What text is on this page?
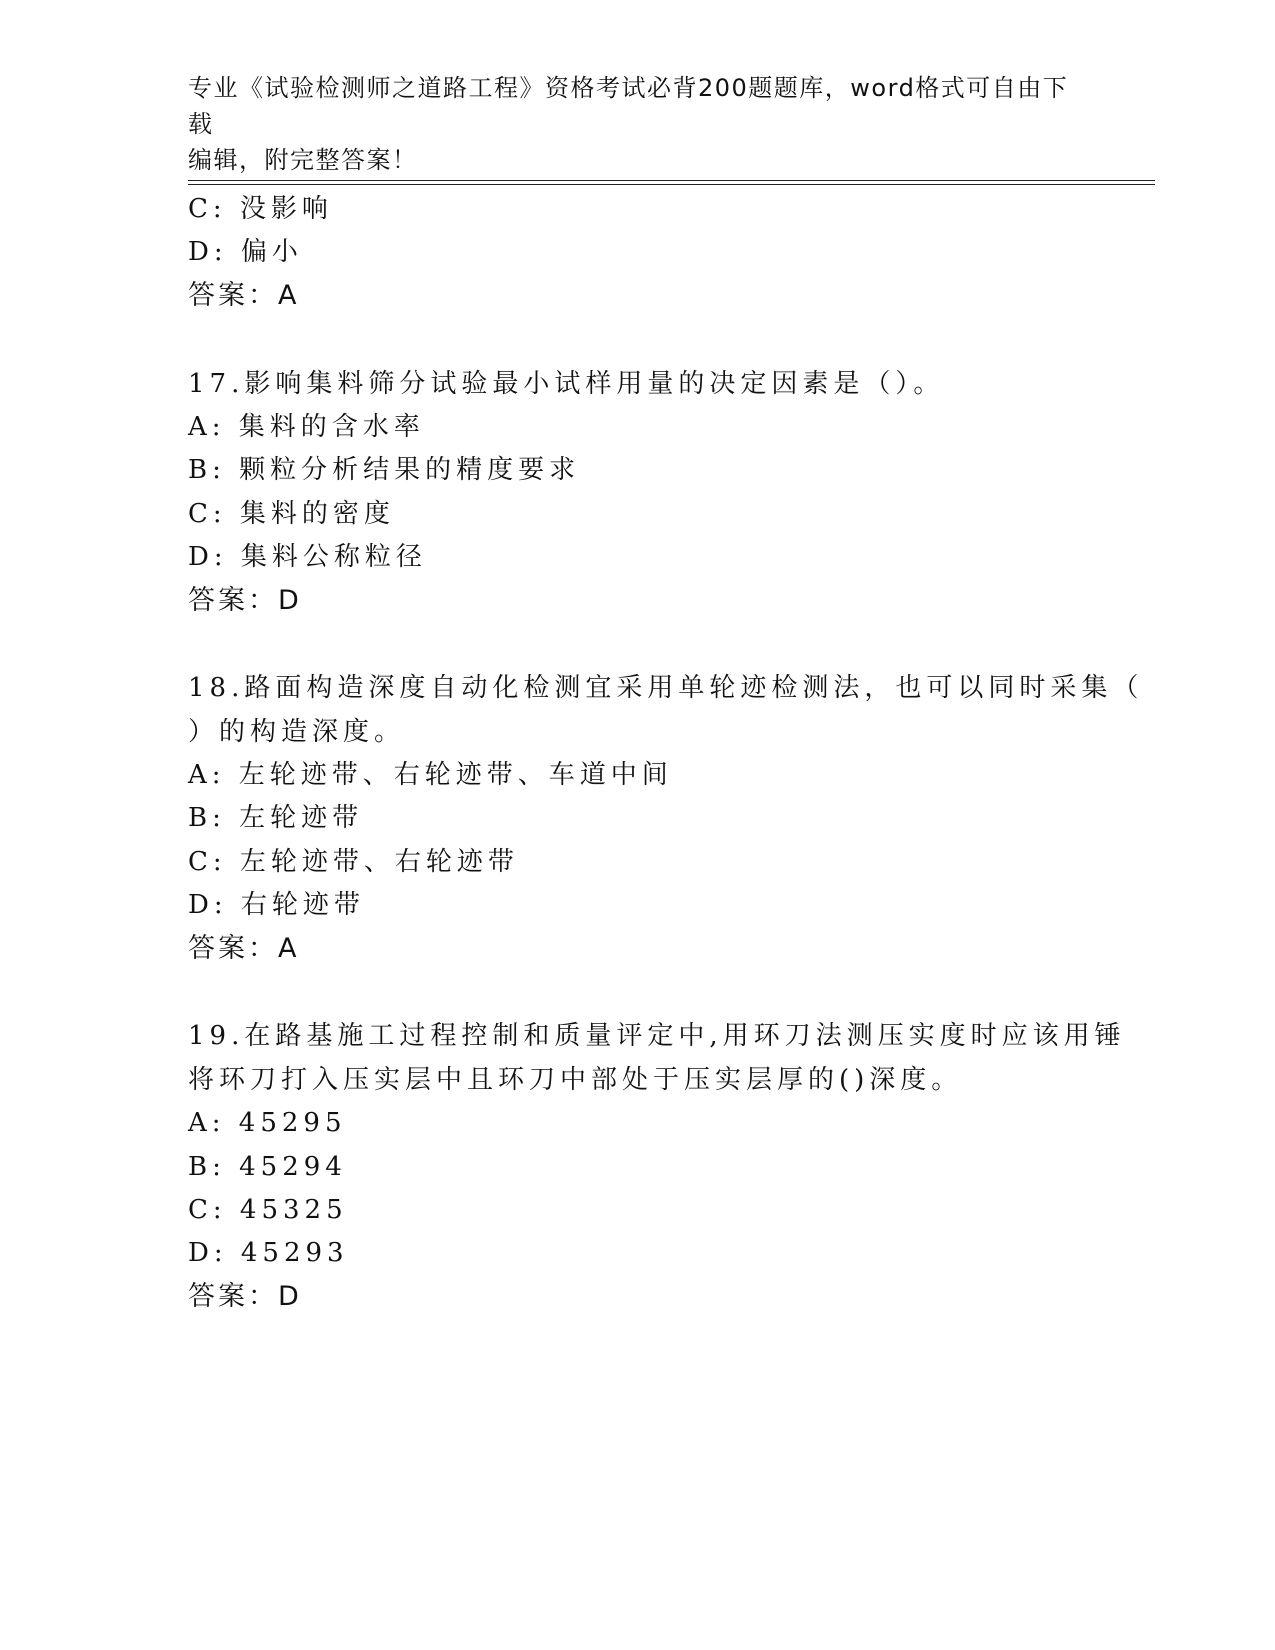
专业《试验检测师之道路工程》资格考试必背200题题库，word格式可自由下载
编辑，附完整答案！
C: 没影响
D: 偏小
答案：A
17.影响集料筛分试验最小试样用量的决定因素是（）。
A: 集料的含水率
B: 颗粒分析结果的精度要求
C: 集料的密度
D: 集料公称粒径
答案：D
18.路面构造深度自动化检测宜采用单轮迹检测法，也可以同时采集（
）的构造深度。
A: 左轮迹带、右轮迹带、车道中间
B: 左轮迹带
C: 左轮迹带、右轮迹带
D: 右轮迹带
答案：A
19.在路基施工过程控制和质量评定中,用环刀法测压实度时应该用锤
将环刀打入压实层中且环刀中部处于压实层厚的()深度。
A: 45295
B: 45294
C: 45325
D: 45293
答案：D
